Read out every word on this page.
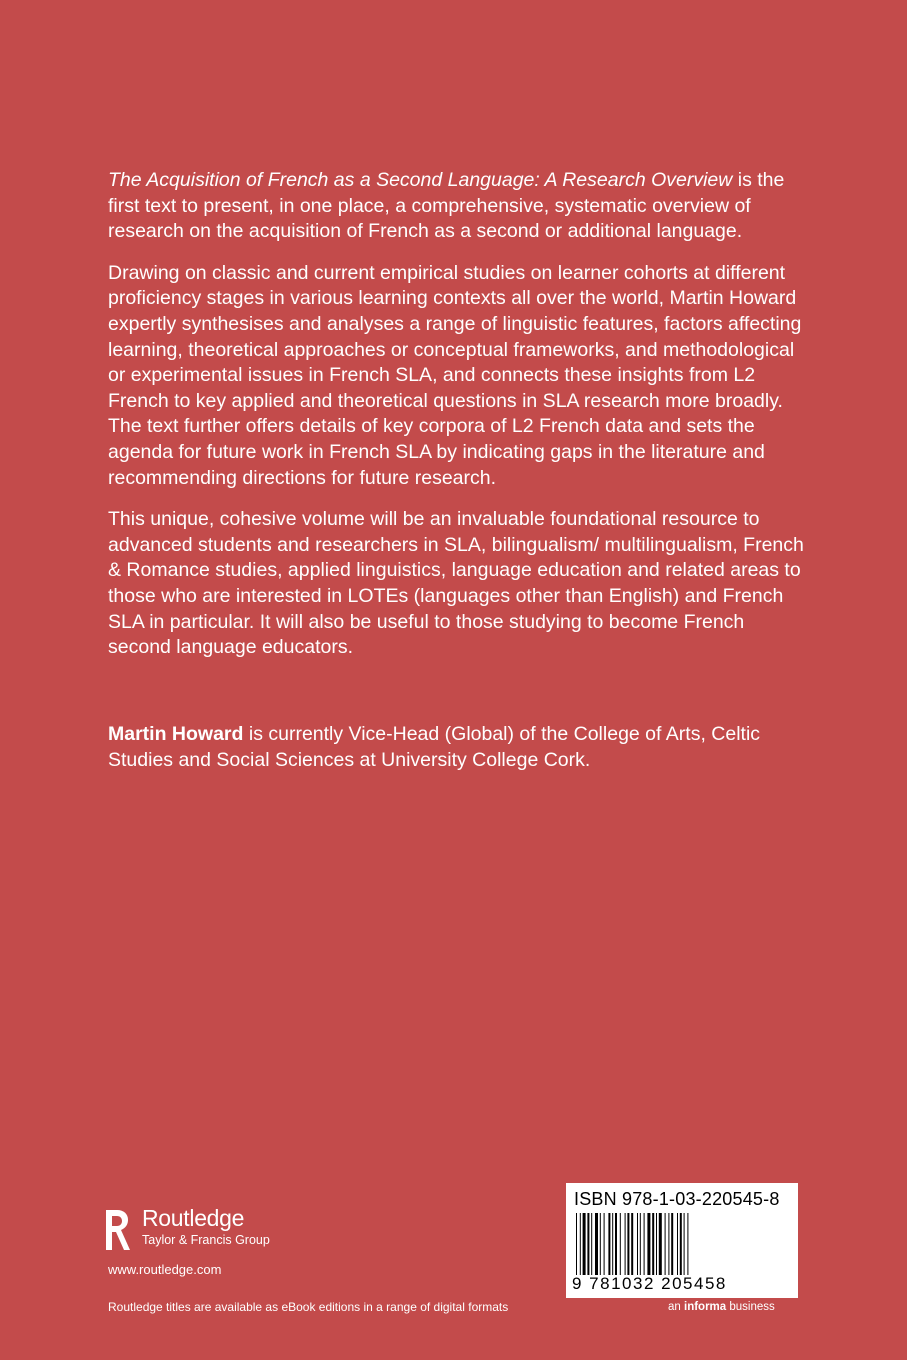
The Acquisition of French as a Second Language: A Research Overview is the first text to present, in one place, a comprehensive, systematic overview of research on the acquisition of French as a second or additional language.

Drawing on classic and current empirical studies on learner cohorts at different proficiency stages in various learning contexts all over the world, Martin Howard expertly synthesises and analyses a range of linguistic features, factors affecting learning, theoretical approaches or conceptual frameworks, and methodological or experimental issues in French SLA, and connects these insights from L2 French to key applied and theoretical questions in SLA research more broadly. The text further offers details of key corpora of L2 French data and sets the agenda for future work in French SLA by indicating gaps in the literature and recommending directions for future research.

This unique, cohesive volume will be an invaluable foundational resource to advanced students and researchers in SLA, bilingualism/ multilingualism, French & Romance studies, applied linguistics, language education and related areas to those who are interested in LOTEs (languages other than English) and French SLA in particular. It will also be useful to those studying to become French second language educators.

Martin Howard is currently Vice-Head (Global) of the College of Arts, Celtic Studies and Social Sciences at University College Cork.
Routledge
Taylor & Francis Group
www.routledge.com
Routledge titles are available as eBook editions in a range of digital formats
ISBN 978-1-03-220545-8
9 781032 205458
an informa business
